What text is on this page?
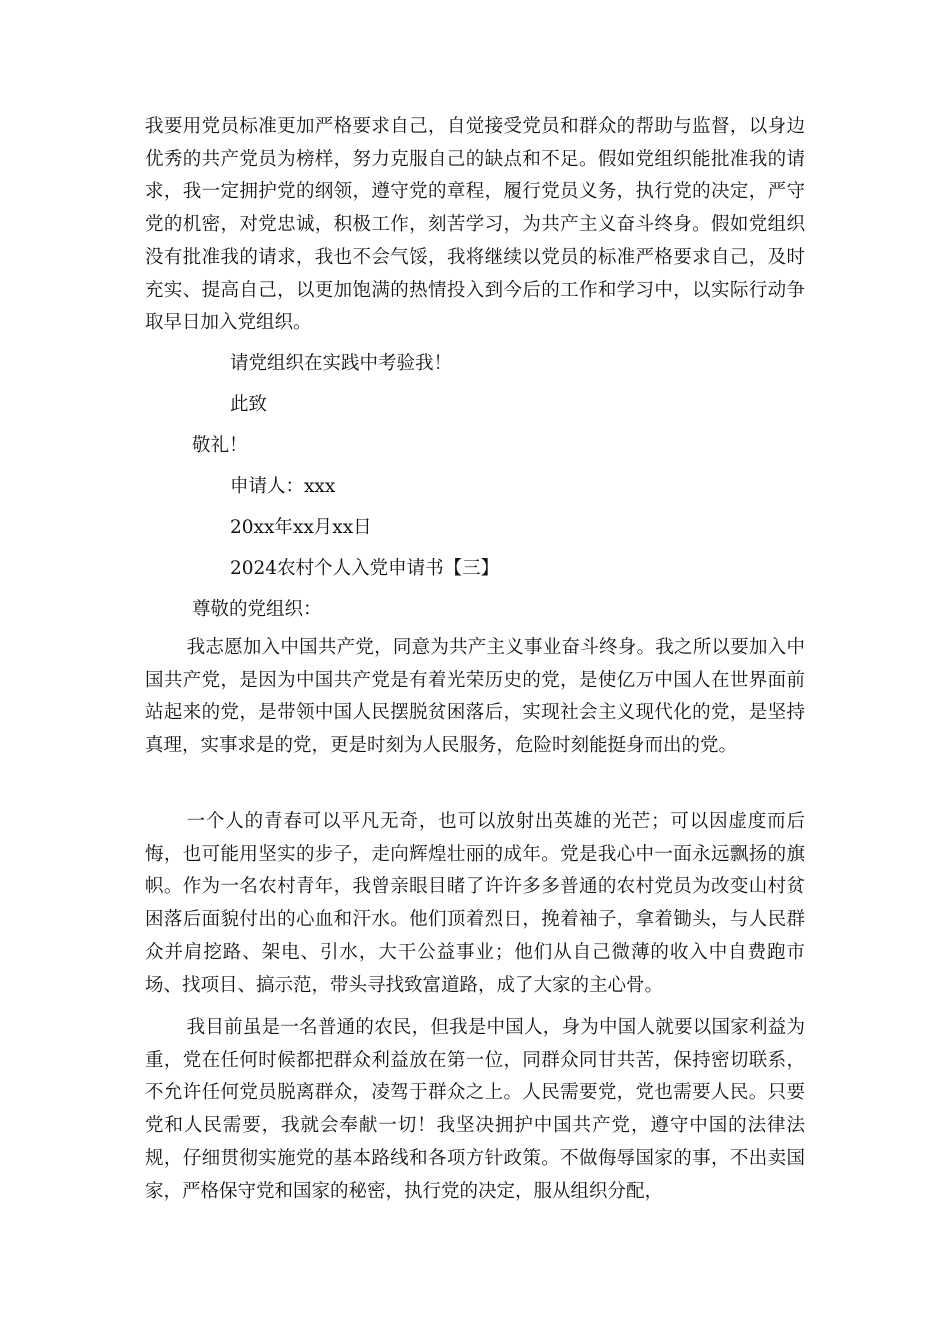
我要用党员标准更加严格要求自己，自觉接受党员和群众的帮助与监督，以身边优秀的共产党员为榜样，努力克服自己的缺点和不足。假如党组织能批准我的请求，我一定拥护党的纲领，遵守党的章程，履行党员义务，执行党的决定，严守党的机密，对党忠诚，积极工作，刻苦学习，为共产主义奋斗终身。假如党组织没有批准我的请求，我也不会气馁，我将继续以党员的标准严格要求自己，及时充实、提高自己，以更加饱满的热情投入到今后的工作和学习中，以实际行动争取早日加入党组织。

请党组织在实践中考验我！

此致

敬礼！

申请人：xxx

20xx年xx月xx日

2024农村个人入党申请书【三】

尊敬的党组织：

我志愿加入中国共产党，同意为共产主义事业奋斗终身。我之所以要加入中国共产党，是因为中国共产党是有着光荣历史的党，是使亿万中国人在世界面前站起来的党，是带领中国人民摆脱贫困落后，实现社会主义现代化的党，是坚持真理，实事求是的党，更是时刻为人民服务，危险时刻能挺身而出的党。

一个人的青春可以平凡无奇，也可以放射出英雄的光芒；可以因虚度而后悔，也可能用坚实的步子，走向辉煌壮丽的成年。党是我心中一面永远飘扬的旗帜。作为一名农村青年，我曾亲眼目睹了许许多多普通的农村党员为改变山村贫困落后面貌付出的心血和汗水。他们顶着烈日，挽着袖子，拿着锄头，与人民群众并肩挖路、架电、引水，大干公益事业；他们从自己微薄的收入中自费跑市场、找项目、搞示范，带头寻找致富道路，成了大家的主心骨。

我目前虽是一名普通的农民，但我是中国人，身为中国人就要以国家利益为重，党在任何时候都把群众利益放在第一位，同群众同甘共苦，保持密切联系，不允许任何党员脱离群众，凌驾于群众之上。人民需要党，党也需要人民。只要党和人民需要，我就会奉献一切！我坚决拥护中国共产党，遵守中国的法律法规，仔细贯彻实施党的基本路线和各项方针政策。不做侮辱国家的事，不出卖国家，严格保守党和国家的秘密，执行党的决定，服从组织分配，
